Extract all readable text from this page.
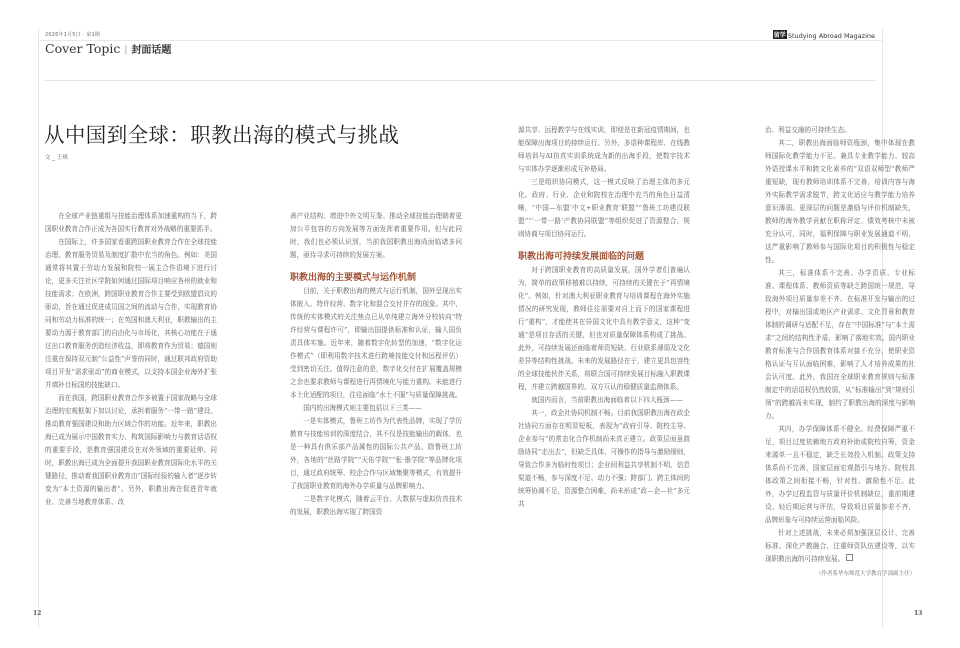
2026年1月5日 · 第1期
Cover Topic | 封面话题
留学 Studying Abroad Magazine
从中国到全球：职教出海的模式与挑战
文 _ 王琪

在全球产业链重组与技能治理体系加速重构的当下，跨国职业教育合作正成为各国实行教育对外战略的重要抓手。

在国际上，许多国家看重跨国职业教育合作在全球技能治理、教育服务贸易及制度扩散中充当的角色。例如：美国通常将其置于劳动力发展和院校一展主合作语境下进行讨论，更多关注社区学院如何通过国际项目响应各州的就业和技能需求；在欧洲，跨国职业教育合作主要受到欧盟倡议的驱动，旨在通过促进成员国之间的流动与合作，实现教育协同和劳动力标准的统一；在英国和澳大利亚，职教输出的主要动力源于教育部门的自由化与市场化，其核心功能在于通过出口教育服务创造经济收益，即将教育作为贸易；德国则注重在保持双元制“公益性”声誉的同时，通过联邦政府资助项目开发“需求驱动”的商业模式，以支持本国企业海外扩张并填补目标国的技能缺口。

而在我国，跨国职业教育合作多被置于国家战略与全球治理的宏观框架下加以讨论，承担着服务“一带一路”建设、推动教育强国建设和助力区域合作的功能。近年来，职教出海已成为展示中国教育实力、构筑国际影响力与教育话语权的重要手段，是教育强国建设在对外领域的重要延伸。同时，职教出海已成为全面提升我国职业教育国际化水平的关键路径，推动着我国职业教育由“国际经验的输入者”逐步转变为“本土资源的输出者”。另外，职教出海在促进青年就业、完善当地教育体系、改

善产业结构、增进中外文明互鉴、推动全球技能治理朝着更加公平包容的方向发展等方面发挥着重要作用。但与此同时，我们也必须认识到，当前我国职教出海尚面临诸多问题，亟待寻求可持续的发展方案。

职教出海的主要模式与运作机制

目前，关于职教出海的模式与运行机制，国外呈现出实体嵌入、特许经营、数字化和混合交付并存的现象。其中，传统的实体模式的关注焦点已从单纯建立海外分校转向“特许经营与课程许可”，即输出国提供标准和认证，输入国负责具体实施。近年来，随着数字化转型的加速，“数字化运作模式”（即利用数字技术进行跨境技能交付和远程评估）受到密切关注。值得注意的是，数字化交付在扩展覆盖规模之余也要求教师与课程进行再情境化与能力重构。未能进行本土化适配的项目，往往面临“水土不服”与质量保障挑战。

国内的出海模式则主要包括以下三类——

一是实体模式，鲁班工坊作为代表性品牌，实现了学历教育与技能培训的深度结合，其不仅是技能输出的载体，也是一种具有俱乐部产品属性的国际公共产品。除鲁班工坊外，各地的“丝路学院”“天佑学院”“张·墨学院”等品牌化项目，通过政府统筹、校企合作与区域集聚等模式，有效提升了我国职业教育的海外办学质量与品牌影响力。

二是数字化模式，随着云平台、大数据与虚拟仿真技术的发展，职教出海实现了跨国资

源共享、远程教学与在线实训，即便是在新冠疫情期间，也能保障出海项目的持续运行。另外，多语种课程库、在线教师培训与AI仿真实训系统成为新的出海手段，使数字技术与实体办学逐渐形成互补格局。

三是组织协同模式，这一模式反映了治理主体的多元化。政府、行业、企业和院校在治理中充当的角色日益清晰，“中国—东盟‘中文+职业教育’联盟”“鲁班工坊建设联盟”“‘一带一路’产教协同联盟”等组织促进了资源整合、规则协商与项目协同运行。

职教出海可持续发展面临的问题

对于跨国职业教育的高质量发展，国外学者们普遍认为，简单的政策移植难以持续，可持续的关键在于“再情境化”。例如，针对澳大利亚职业教育与培训课程在海外实施情况的研究发现，教师往往需要对自上而下的国家课程进行“重构”，才能使其在异国文化中具有教学意义，这种“变通”是项目存活的关键，但也对质量保障体系构成了挑战。此外，可持续发展还面临着师资短缺、行业联系薄弱及文化差异等结构性挑战。未来的发展路径在于，建立更具包容性的全球技能伙伴关系，将联合国可持续发展目标融入职教课程，并建立跨越国界的、双方互认的稳健质量监测体系。

就国内而言，当前职教出海面临着以下四大瓶颈——

其一，政企社协同机制不畅。目前我国职教出海在政企社协同方面存在明显短板，表现为“政府引导、院校主导、企业参与”的常态化合作机制尚未真正建立。政策层面虽鼓励协同“走出去”，但缺乏具体、可操作的指导与激励细则，导致合作多为临时性项目；企业间利益共享机制不明、信息渠道不畅，参与深度不足、动力不强；跨部门、跨主体间的统筹协调不足，资源整合困难，尚未形成“政—企—社”多元共

治、利益交融的可持续生态。

其二，职教出海面临师资瓶颈，集中体现在教师国际化教学能力不足。兼具专业教学能力、较高外语授课水平和跨文化素养的“双语双师型”教师严重短缺，现有教师培训体系不完善，培训内容与海外实际教学需求脱节，跨文化适应与教学能力培养意识薄弱。更深层的问题是激励与评价机制缺失，教师的海外教学贡献在职称评定、绩效考核中未被充分认可，同时，福利保障与职业发展通道不明，这严重影响了教师参与国际化项目的积极性与稳定性。

其三，标准体系不完善。办学资质、专业标准、课程体系、教师资质等缺乏跨国统一规范，导致海外项目质量参差不齐。在标准开发与输出的过程中，对输出国或地区产业需求、文化背景和教育体制的调研与适配不足，存在“中国标准”与“本土需求”之间的结构性矛盾，影响了落地实效。国内职业教育标准与合作国教育体系对接不充分，使职业资格认证与互认面临困难，影响了人才培养成果的社会认可度。此外，我国在全球职业教育规则与标准制定中的话语权仍然较弱，从“标准输出”到“规则引领”的跨越尚未实现，制约了职教出海的深度与影响力。

其四，办学保障体系不健全。经费保障严重不足，项目过度依赖地方政府补助或院校自筹，资金来源单一且不稳定，缺乏长效投入机制。政策支持体系尚不完善，国家层面宏观指引与地方、院校具体政策之间衔接不畅，针对性、激励性不足。此外，办学过程监管与质量评价机制缺位，重前期建设、轻后期运营与评估，导致项目质量参差不齐，品牌形象与可持续运营面临风险。

针对上述挑战，未来必须加强顶层设计、完善标准、深化产教融合、注重师资队伍建设等，以实现职教出海的可持续发展。

（作者系华东师范大学教育学部副主任）

12	13
